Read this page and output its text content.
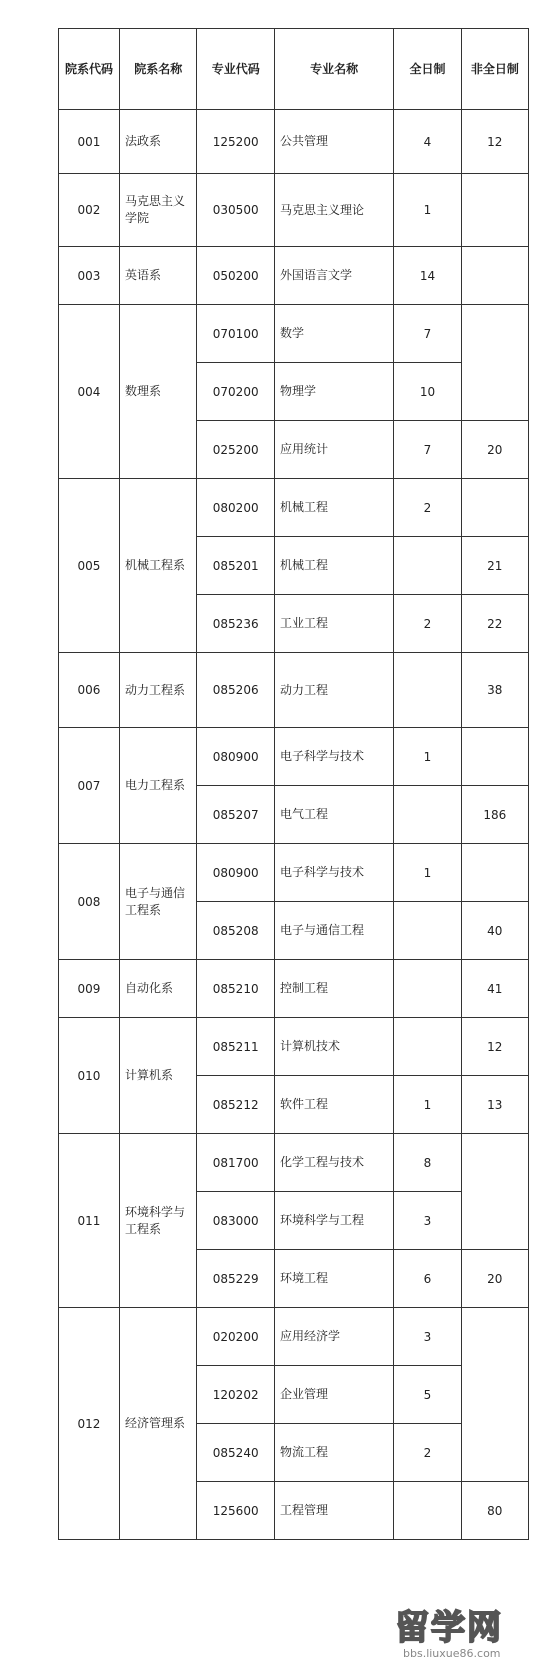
院系代码	院系名称	专业代码	专业名称	全日制	非全日制
001	法政系	125200	公共管理	4	12
002	马克思主义学院	030500	马克思主义理论	1	
003	英语系	050200	外国语言文学	14	
004	数理系	070100	数学	7	
		070200	物理学	10	
		025200	应用统计	7	20
005	机械工程系	080200	机械工程	2	
		085201	机械工程		21
		085236	工业工程	2	22
006	动力工程系	085206	动力工程		38
007	电力工程系	080900	电子科学与技术	1	
		085207	电气工程		186
008	电子与通信工程系	080900	电子科学与技术	1	
		085208	电子与通信工程		40
009	自动化系	085210	控制工程		41
010	计算机系	085211	计算机技术		12
		085212	软件工程	1	13
011	环境科学与工程系	081700	化学工程与技术	8	
		083000	环境科学与工程	3	
		085229	环境工程	6	20
012	经济管理系	020200	应用经济学	3	
		120202	企业管理	5	
		085240	物流工程	2	
		125600	工程管理		80
留学网
bbs.liuxue86.com
